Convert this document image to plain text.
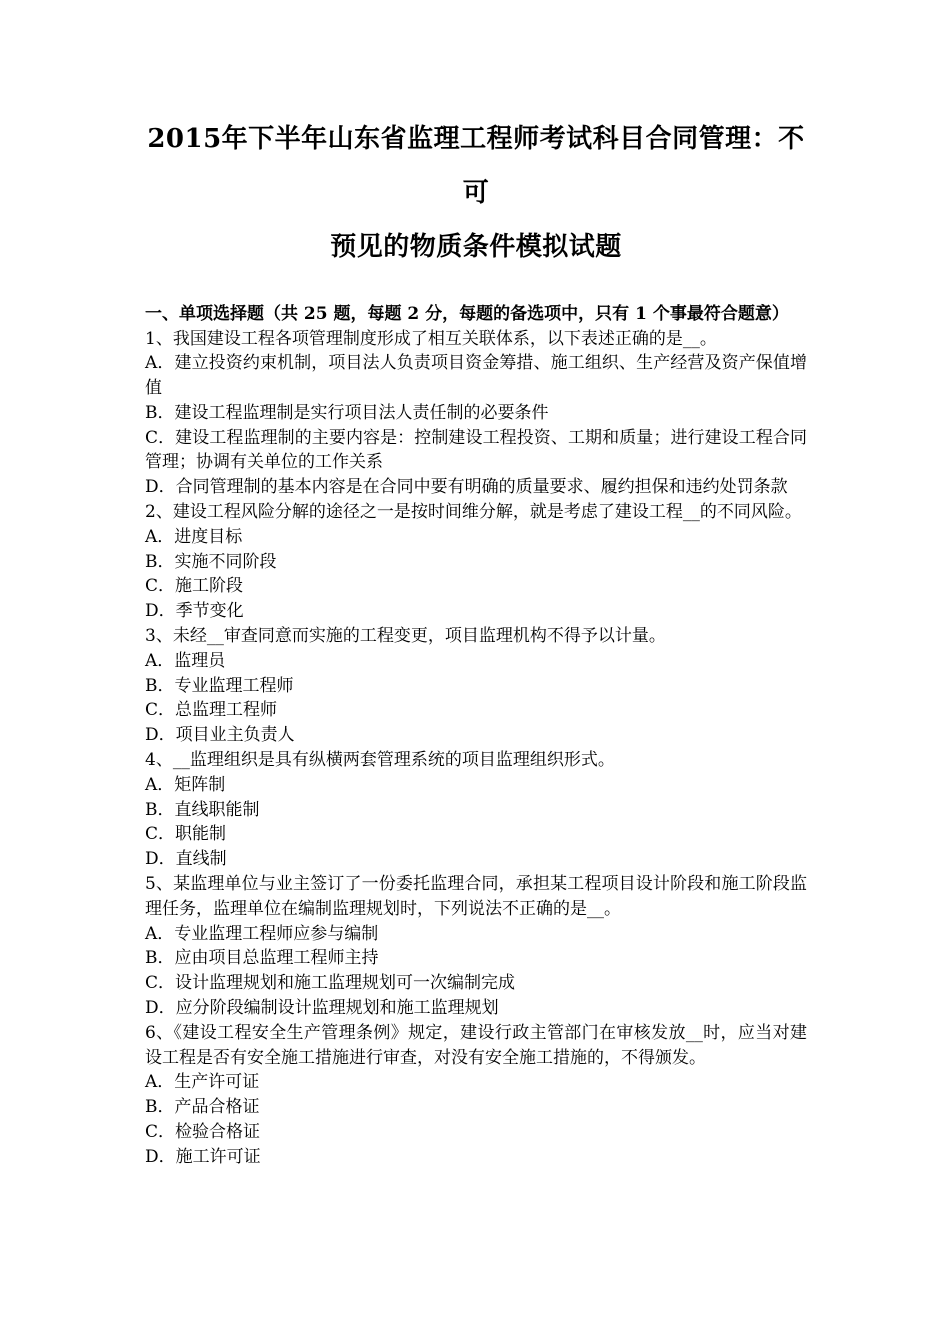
2015年下半年山东省监理工程师考试科目合同管理：不可
预见的物质条件模拟试题
一、单项选择题（共 25 题，每题 2 分，每题的备选项中，只有 1 个事最符合题意）
1、我国建设工程各项管理制度形成了相互关联体系，以下表述正确的是__。
A．建立投资约束机制，项目法人负责项目资金筹措、施工组织、生产经营及资产保值增值
B．建设工程监理制是实行项目法人责任制的必要条件
C．建设工程监理制的主要内容是：控制建设工程投资、工期和质量；进行建设工程合同管理；协调有关单位的工作关系
D．合同管理制的基本内容是在合同中要有明确的质量要求、履约担保和违约处罚条款
2、建设工程风险分解的途径之一是按时间维分解，就是考虑了建设工程__的不同风险。
A．进度目标
B．实施不同阶段
C．施工阶段
D．季节变化
3、未经__审查同意而实施的工程变更，项目监理机构不得予以计量。
A．监理员
B．专业监理工程师
C．总监理工程师
D．项目业主负责人
4、__监理组织是具有纵横两套管理系统的项目监理组织形式。
A．矩阵制
B．直线职能制
C．职能制
D．直线制
5、某监理单位与业主签订了一份委托监理合同，承担某工程项目设计阶段和施工阶段监理任务，监理单位在编制监理规划时，下列说法不正确的是__。
A．专业监理工程师应参与编制
B．应由项目总监理工程师主持
C．设计监理规划和施工监理规划可一次编制完成
D．应分阶段编制设计监理规划和施工监理规划
6、《建设工程安全生产管理条例》规定，建设行政主管部门在审核发放__时，应当对建设工程是否有安全施工措施进行审查，对没有安全施工措施的，不得颁发。
A．生产许可证
B．产品合格证
C．检验合格证
D．施工许可证
